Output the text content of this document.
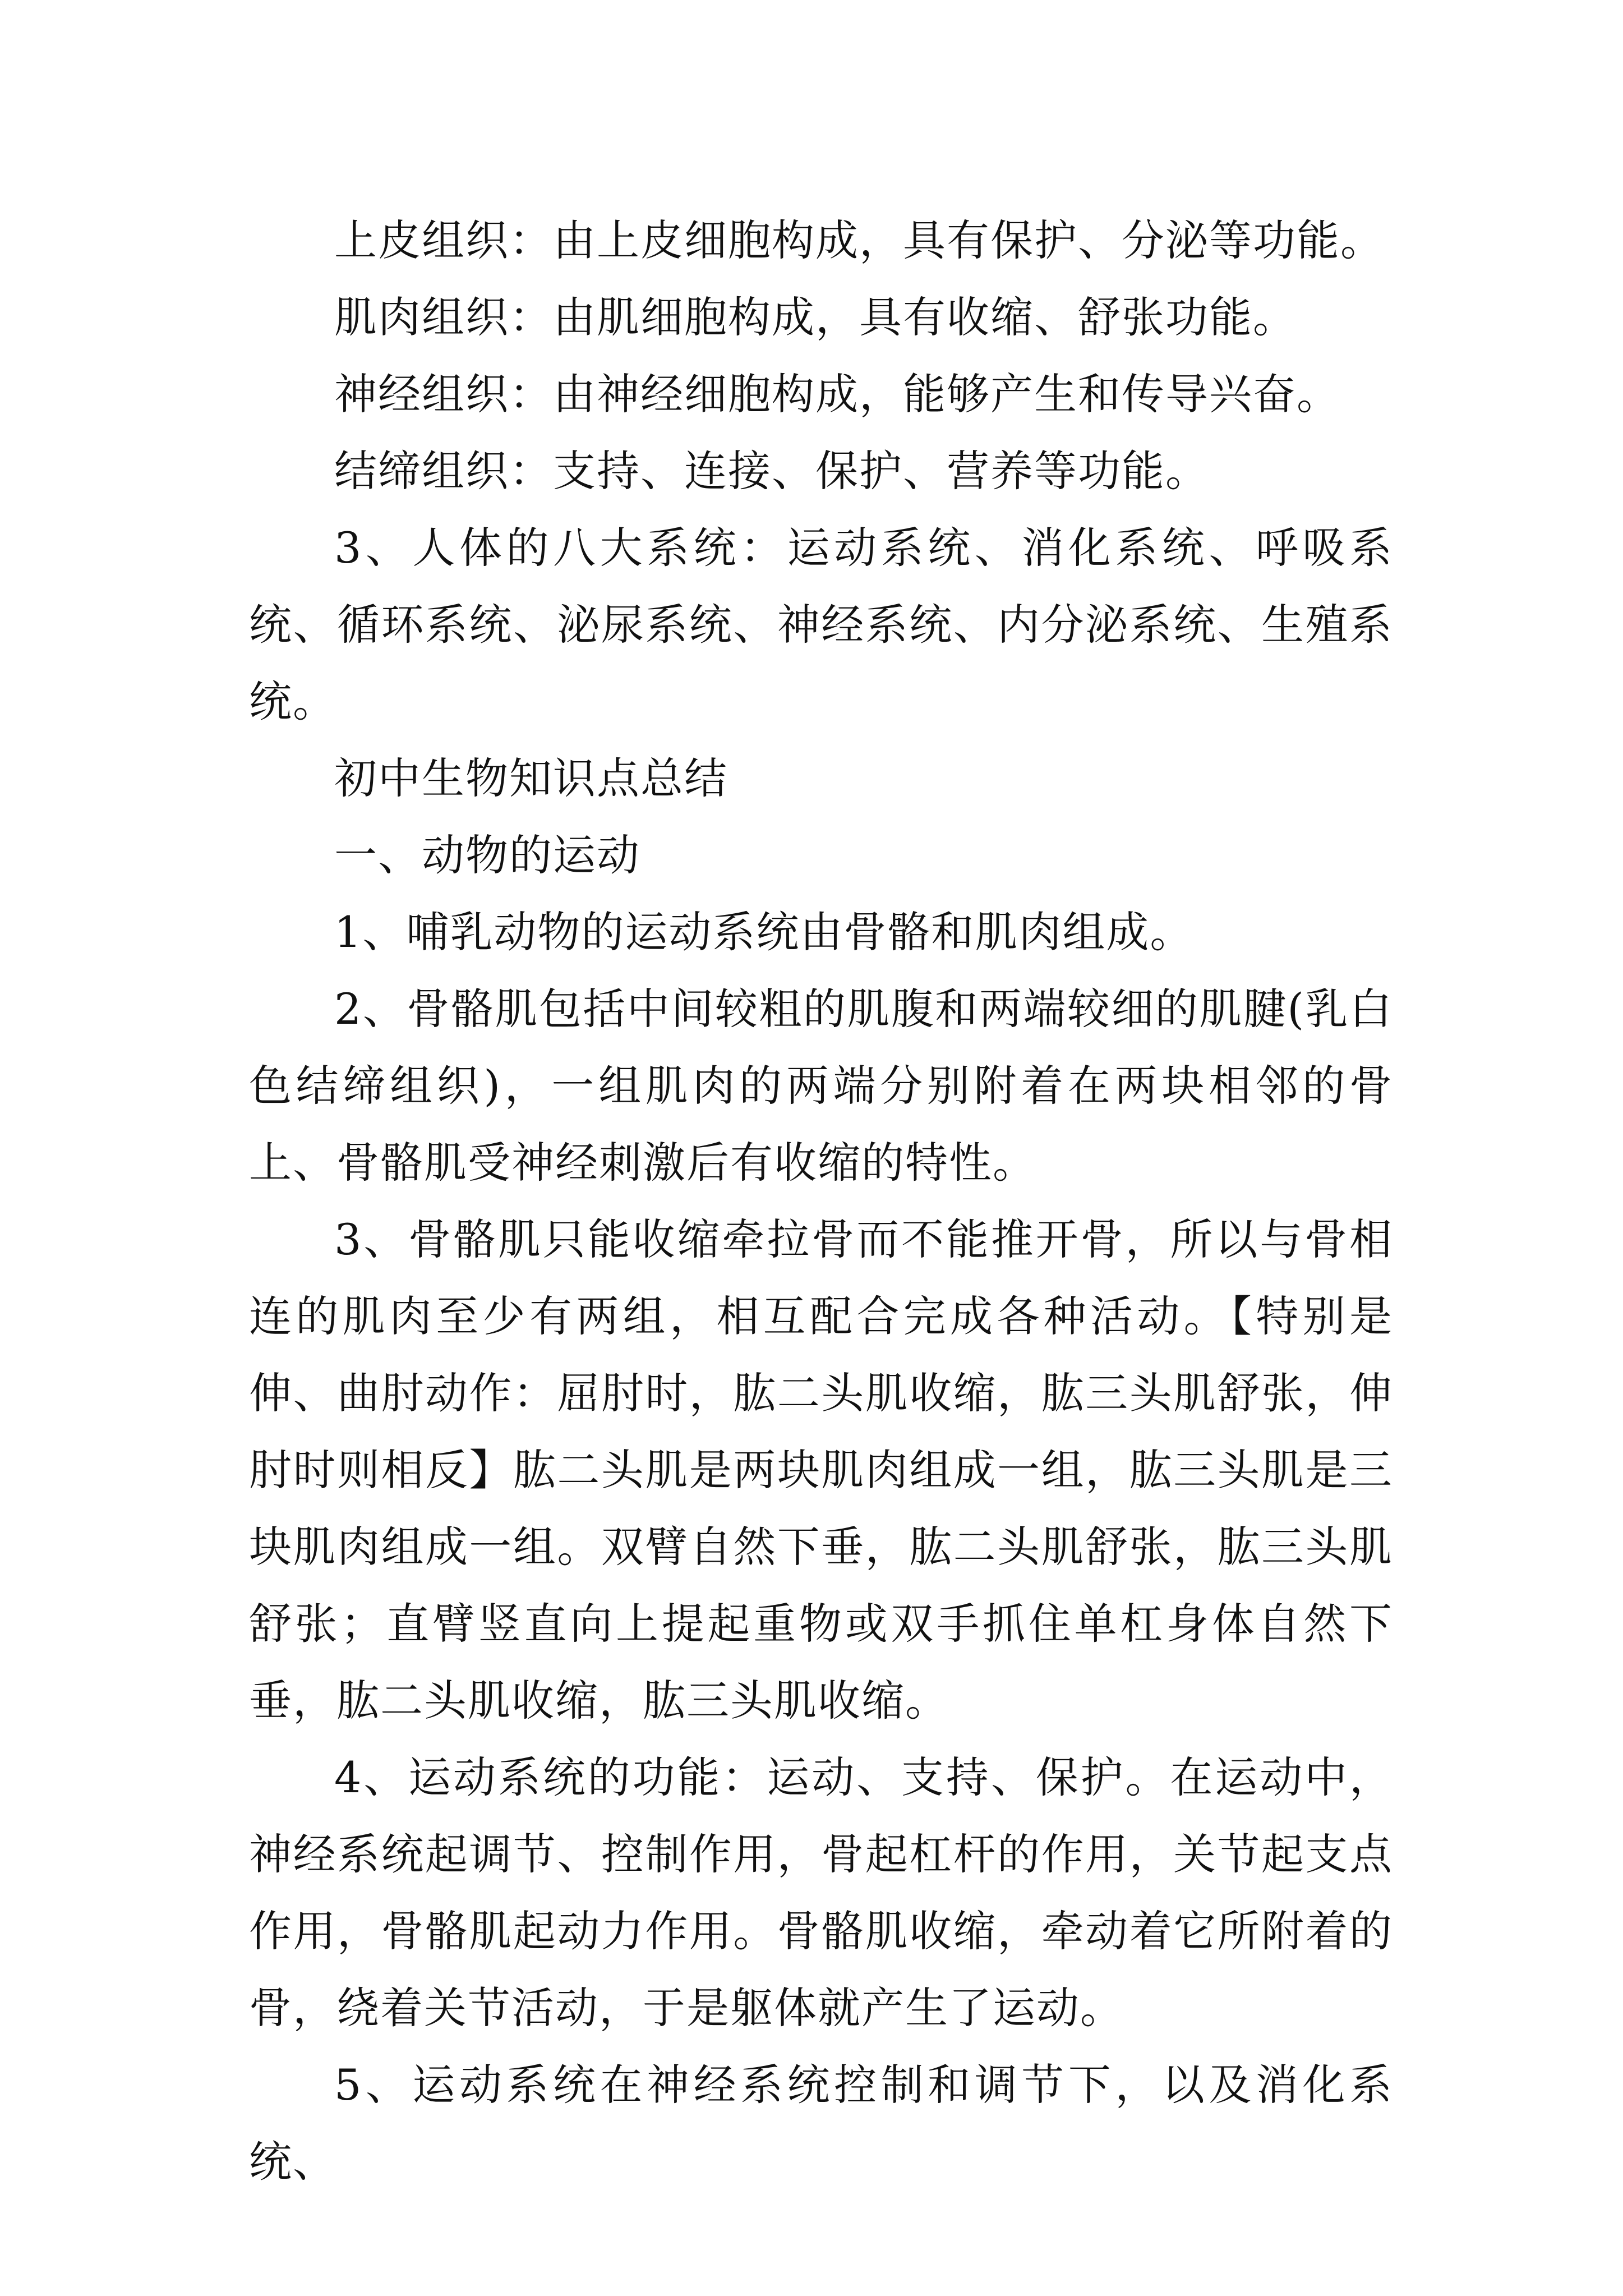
上皮组织：由上皮细胞构成，具有保护、分泌等功能。

肌肉组织：由肌细胞构成，具有收缩、舒张功能。

神经组织：由神经细胞构成，能够产生和传导兴奋。

结缔组织：支持、连接、保护、营养等功能。

3、人体的八大系统：运动系统、消化系统、呼吸系统、循环系统、泌尿系统、神经系统、内分泌系统、生殖系统。

初中生物知识点总结

一、动物的运动

1、哺乳动物的运动系统由骨骼和肌肉组成。

2、骨骼肌包括中间较粗的肌腹和两端较细的肌腱(乳白色结缔组织)，一组肌肉的两端分别附着在两块相邻的骨上、骨骼肌受神经刺激后有收缩的特性。

3、骨骼肌只能收缩牵拉骨而不能推开骨，所以与骨相连的肌肉至少有两组，相互配合完成各种活动。【特别是伸、曲肘动作：屈肘时，肱二头肌收缩，肱三头肌舒张，伸肘时则相反】肱二头肌是两块肌肉组成一组，肱三头肌是三块肌肉组成一组。双臂自然下垂，肱二头肌舒张，肱三头肌舒张；直臂竖直向上提起重物或双手抓住单杠身体自然下垂，肱二头肌收缩，肱三头肌收缩。

4、运动系统的功能：运动、支持、保护。在运动中，神经系统起调节、控制作用，骨起杠杆的作用，关节起支点作用，骨骼肌起动力作用。骨骼肌收缩，牵动着它所附着的骨，绕着关节活动，于是躯体就产生了运动。

5、运动系统在神经系统控制和调节下，以及消化系统、
